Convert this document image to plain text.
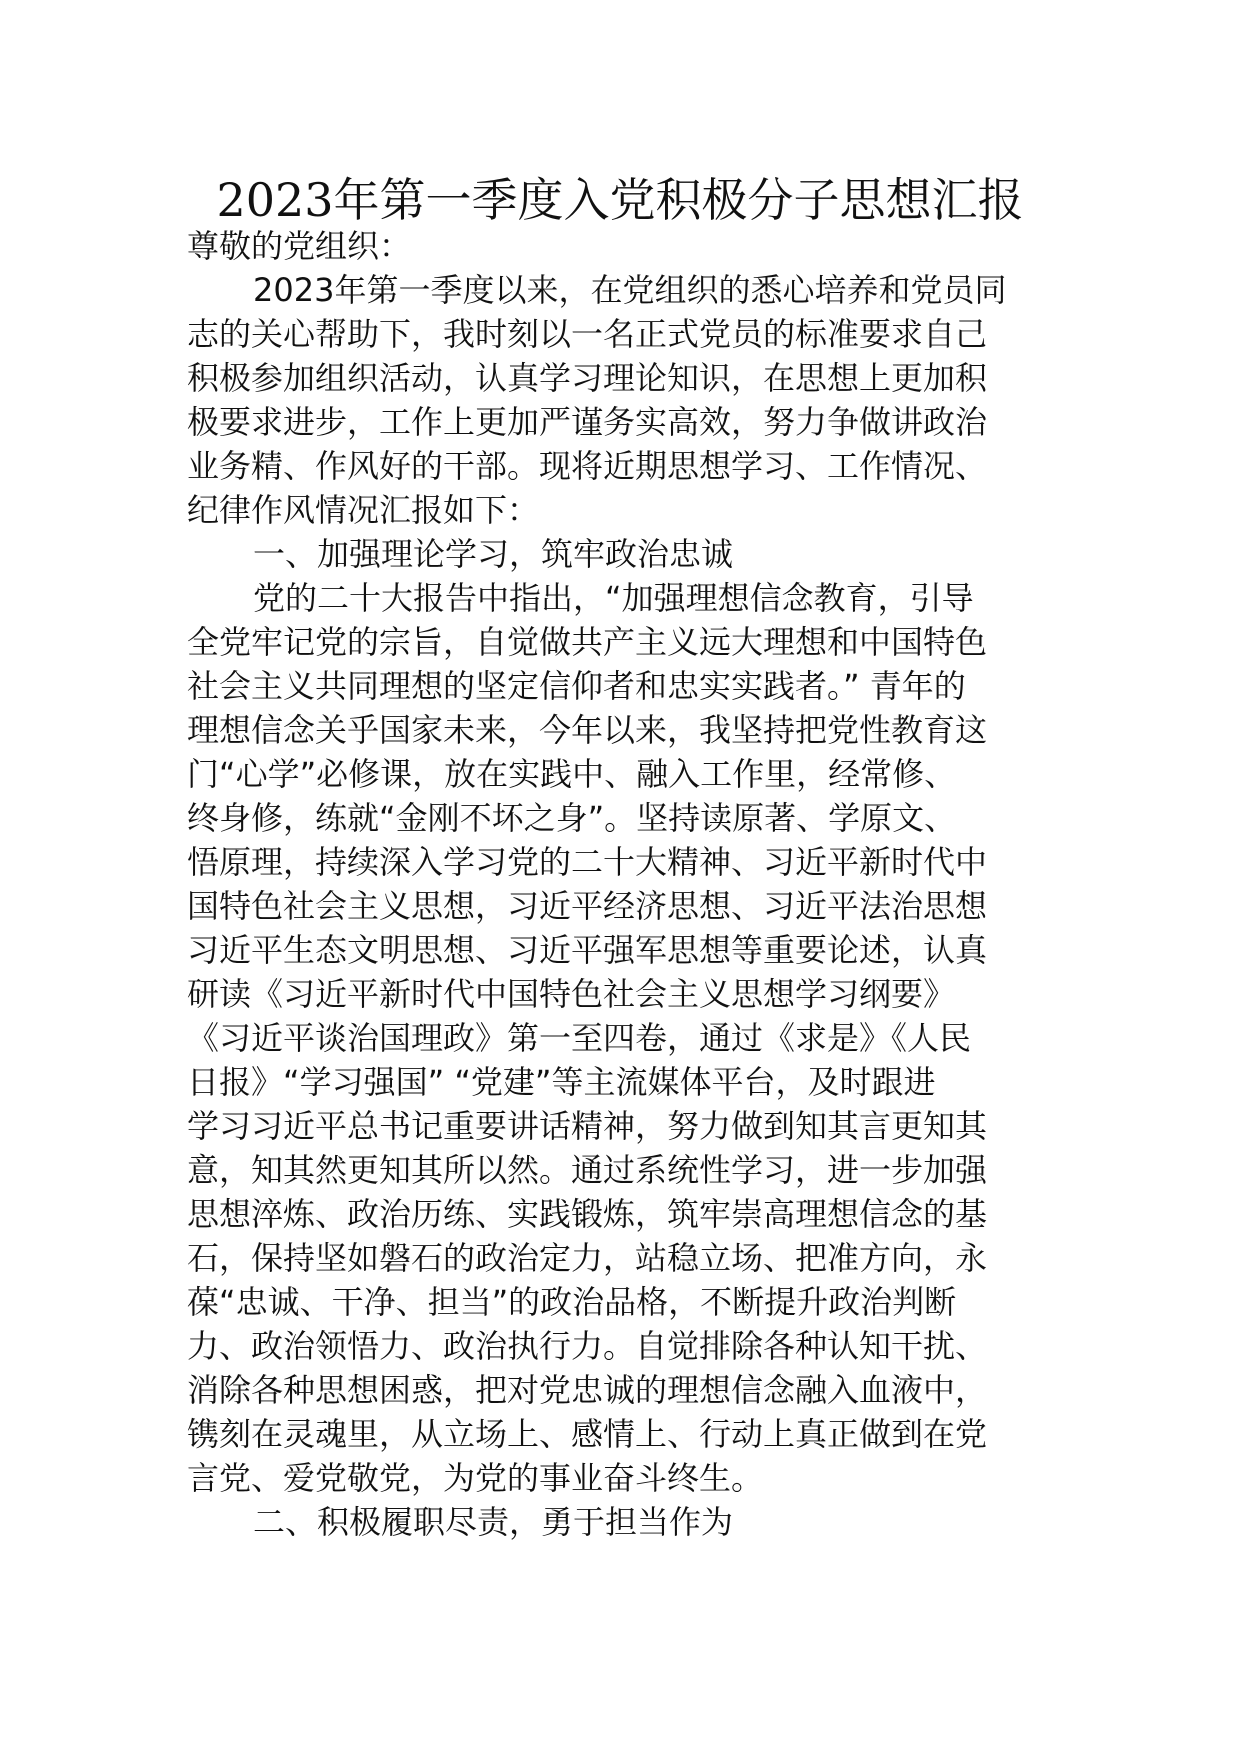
2023年第一季度入党积极分子思想汇报
尊敬的党组织：
2023年第一季度以来，在党组织的悉心培养和党员同
志的关心帮助下，我时刻以一名正式党员的标准要求自己
积极参加组织活动，认真学习理论知识，在思想上更加积
极要求进步，工作上更加严谨务实高效，努力争做讲政治
业务精、作风好的干部。现将近期思想学习、工作情况、
纪律作风情况汇报如下：
一、加强理论学习，筑牢政治忠诚
党的二十大报告中指出，“加强理想信念教育，引导
全党牢记党的宗旨，自觉做共产主义远大理想和中国特色
社会主义共同理想的坚定信仰者和忠实实践者。” 青年的
理想信念关乎国家未来，今年以来，我坚持把党性教育这
门“心学”必修课，放在实践中、融入工作里，经常修、
终身修，练就“金刚不坏之身”。坚持读原著、学原文、
悟原理，持续深入学习党的二十大精神、习近平新时代中
国特色社会主义思想，习近平经济思想、习近平法治思想
习近平生态文明思想、习近平强军思想等重要论述，认真
研读《习近平新时代中国特色社会主义思想学习纲要》
《习近平谈治国理政》第一至四卷，通过《求是》《人民
日报》“学习强国” “党建”等主流媒体平台，及时跟进
学习习近平总书记重要讲话精神，努力做到知其言更知其
意，知其然更知其所以然。通过系统性学习，进一步加强
思想淬炼、政治历练、实践锻炼，筑牢崇高理想信念的基
石，保持坚如磐石的政治定力，站稳立场、把准方向，永
葆“忠诚、干净、担当”的政治品格，不断提升政治判断
力、政治领悟力、政治执行力。自觉排除各种认知干扰、
消除各种思想困惑，把对党忠诚的理想信念融入血液中，
镌刻在灵魂里，从立场上、感情上、行动上真正做到在党
言党、爱党敬党，为党的事业奋斗终生。
二、积极履职尽责，勇于担当作为
